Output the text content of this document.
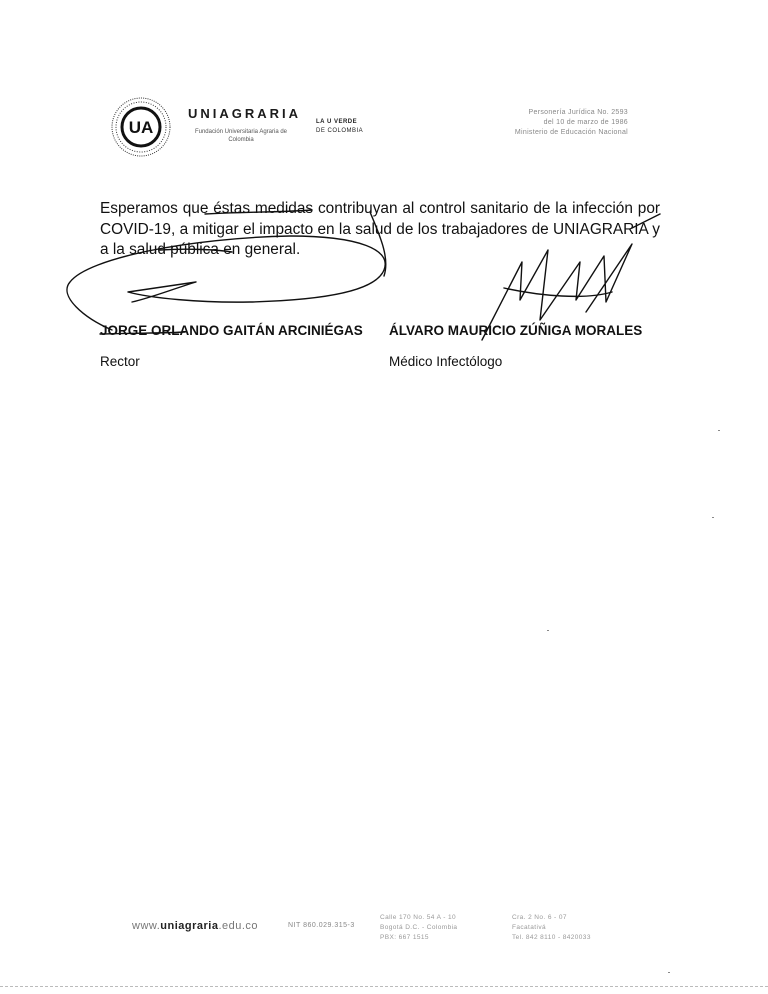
UA
UNIAGRARIA
Fundación Universitaria Agraria de Colombia
LA U VERDE
DE COLOMBIA
Personería Jurídica No. 2593
del 10 de marzo de 1986
Ministerio de Educación Nacional
Esperamos que éstas medidas contribuyan al control sanitario de la infección por COVID-19, a mitigar el impacto en la salud de los trabajadores de UNIAGRARIA y a la salud pública en general.
JORGE ORLANDO GAITÁN ARCINIÉGAS
Rector
ÁLVARO MAURICIO ZÚÑIGA MORALES
Médico Infectólogo
www.uniagraria.edu.co	NIT 860.029.315-3
Calle 170 No. 54 A - 10
Bogotá D.C. - Colombia
PBX: 667 1515
Cra. 2 No. 6 - 07
Facatativá
Tel. 842 8110 - 8420033
